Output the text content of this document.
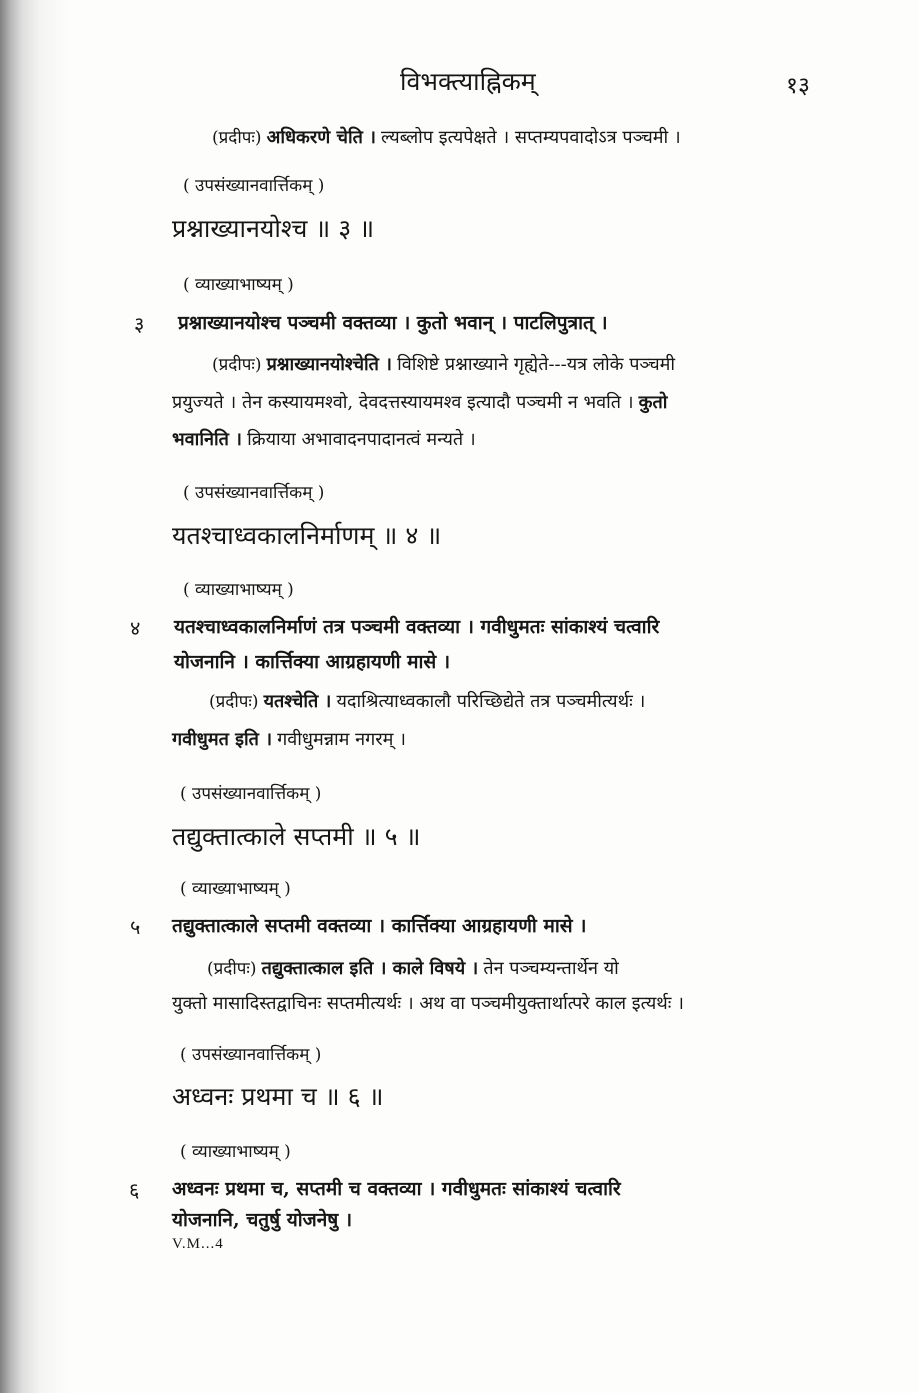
विभक्त्याह्निकम्	१३
(प्रदीपः) अधिकरणे चेति । ल्यब्लोप इत्यपेक्षते । सप्तम्यपवादोऽत्र पञ्चमी ।
( उपसंख्यानवार्त्तिकम् )
प्रश्नाख्यानयोश्च ॥ ३ ॥
( व्याख्याभाष्यम् )
३ प्रश्नाख्यानयोश्च पञ्चमी वक्तव्या । कुतो भवान् । पाटलिपुत्रात् ।
(प्रदीपः) प्रश्नाख्यानयोश्चेति । विशिष्टे प्रश्नाख्याने गृह्येते---यत्र लोके पञ्चमी
प्रयुज्यते । तेन कस्यायमश्वो, देवदत्तस्यायमश्व इत्यादौ पञ्चमी न भवति । कुतो
भवानिति । क्रियाया अभावादनपादानत्वं मन्यते ।
( उपसंख्यानवार्त्तिकम् )
यतश्चाध्वकालनिर्माणम् ॥ ४ ॥
( व्याख्याभाष्यम् )
४ यतश्चाध्वकालनिर्माणं तत्र पञ्चमी वक्तव्या । गवीधुमतः सांकाश्यं चत्वारि
योजनानि । कार्त्तिक्या आग्रहायणी मासे ।
(प्रदीपः) यतश्चेति । यदाश्रित्याध्वकालौ परिच्छिद्येते तत्र पञ्चमीत्यर्थः ।
गवीधुमत इति । गवीधुमन्नाम नगरम् ।
( उपसंख्यानवार्त्तिकम् )
तद्युक्तात्काले सप्तमी ॥ ५ ॥
( व्याख्याभाष्यम् )
५ तद्युक्तात्काले सप्तमी वक्तव्या । कार्त्तिक्या आग्रहायणी मासे ।
(प्रदीपः) तद्युक्तात्काल इति । काले विषये । तेन पञ्चम्यन्तार्थेन यो
युक्तो मासादिस्तद्वाचिनः सप्तमीत्यर्थः । अथ वा पञ्चमीयुक्तार्थात्परे काल इत्यर्थः ।
( उपसंख्यानवार्त्तिकम् )
अध्वनः प्रथमा च ॥ ६ ॥
( व्याख्याभाष्यम् )
६ अध्वनः प्रथमा च, सप्तमी च वक्तव्या । गवीधुमतः सांकाश्यं चत्वारि
योजनानि, चतुर्षु योजनेषु ।
V.M...4
